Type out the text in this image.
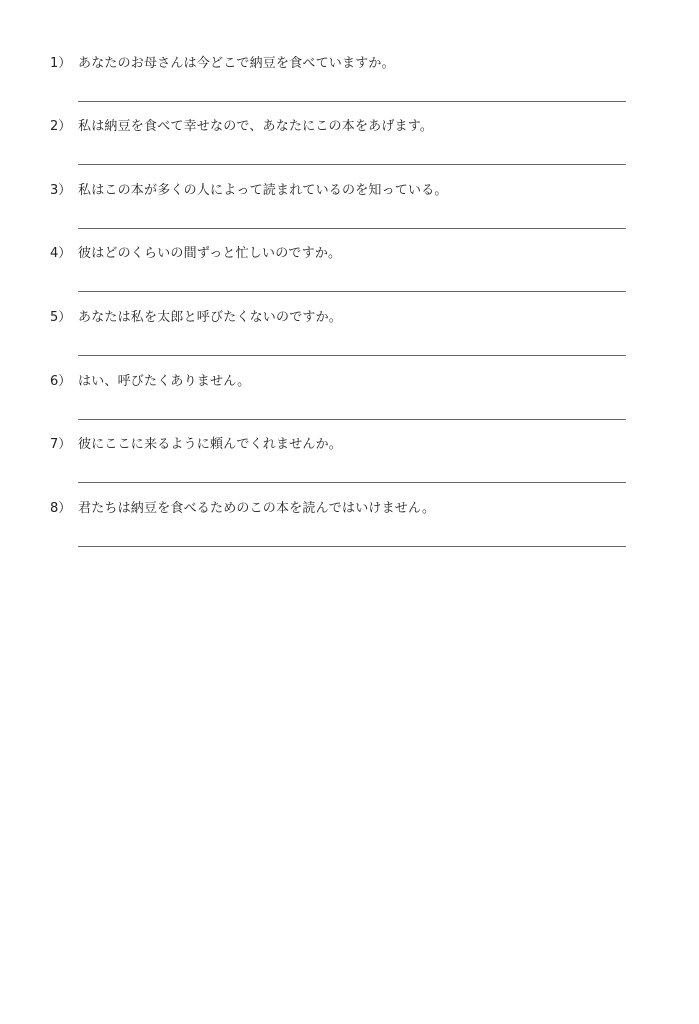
1） あなたのお母さんは今どこで納豆を食べていますか。
2） 私は納豆を食べて幸せなので、あなたにこの本をあげます。
3） 私はこの本が多くの人によって読まれているのを知っている。
4） 彼はどのくらいの間ずっと忙しいのですか。
5） あなたは私を太郎と呼びたくないのですか。
6） はい、呼びたくありません。
7） 彼にここに来るように頼んでくれませんか。
8） 君たちは納豆を食べるためのこの本を読んではいけません。
